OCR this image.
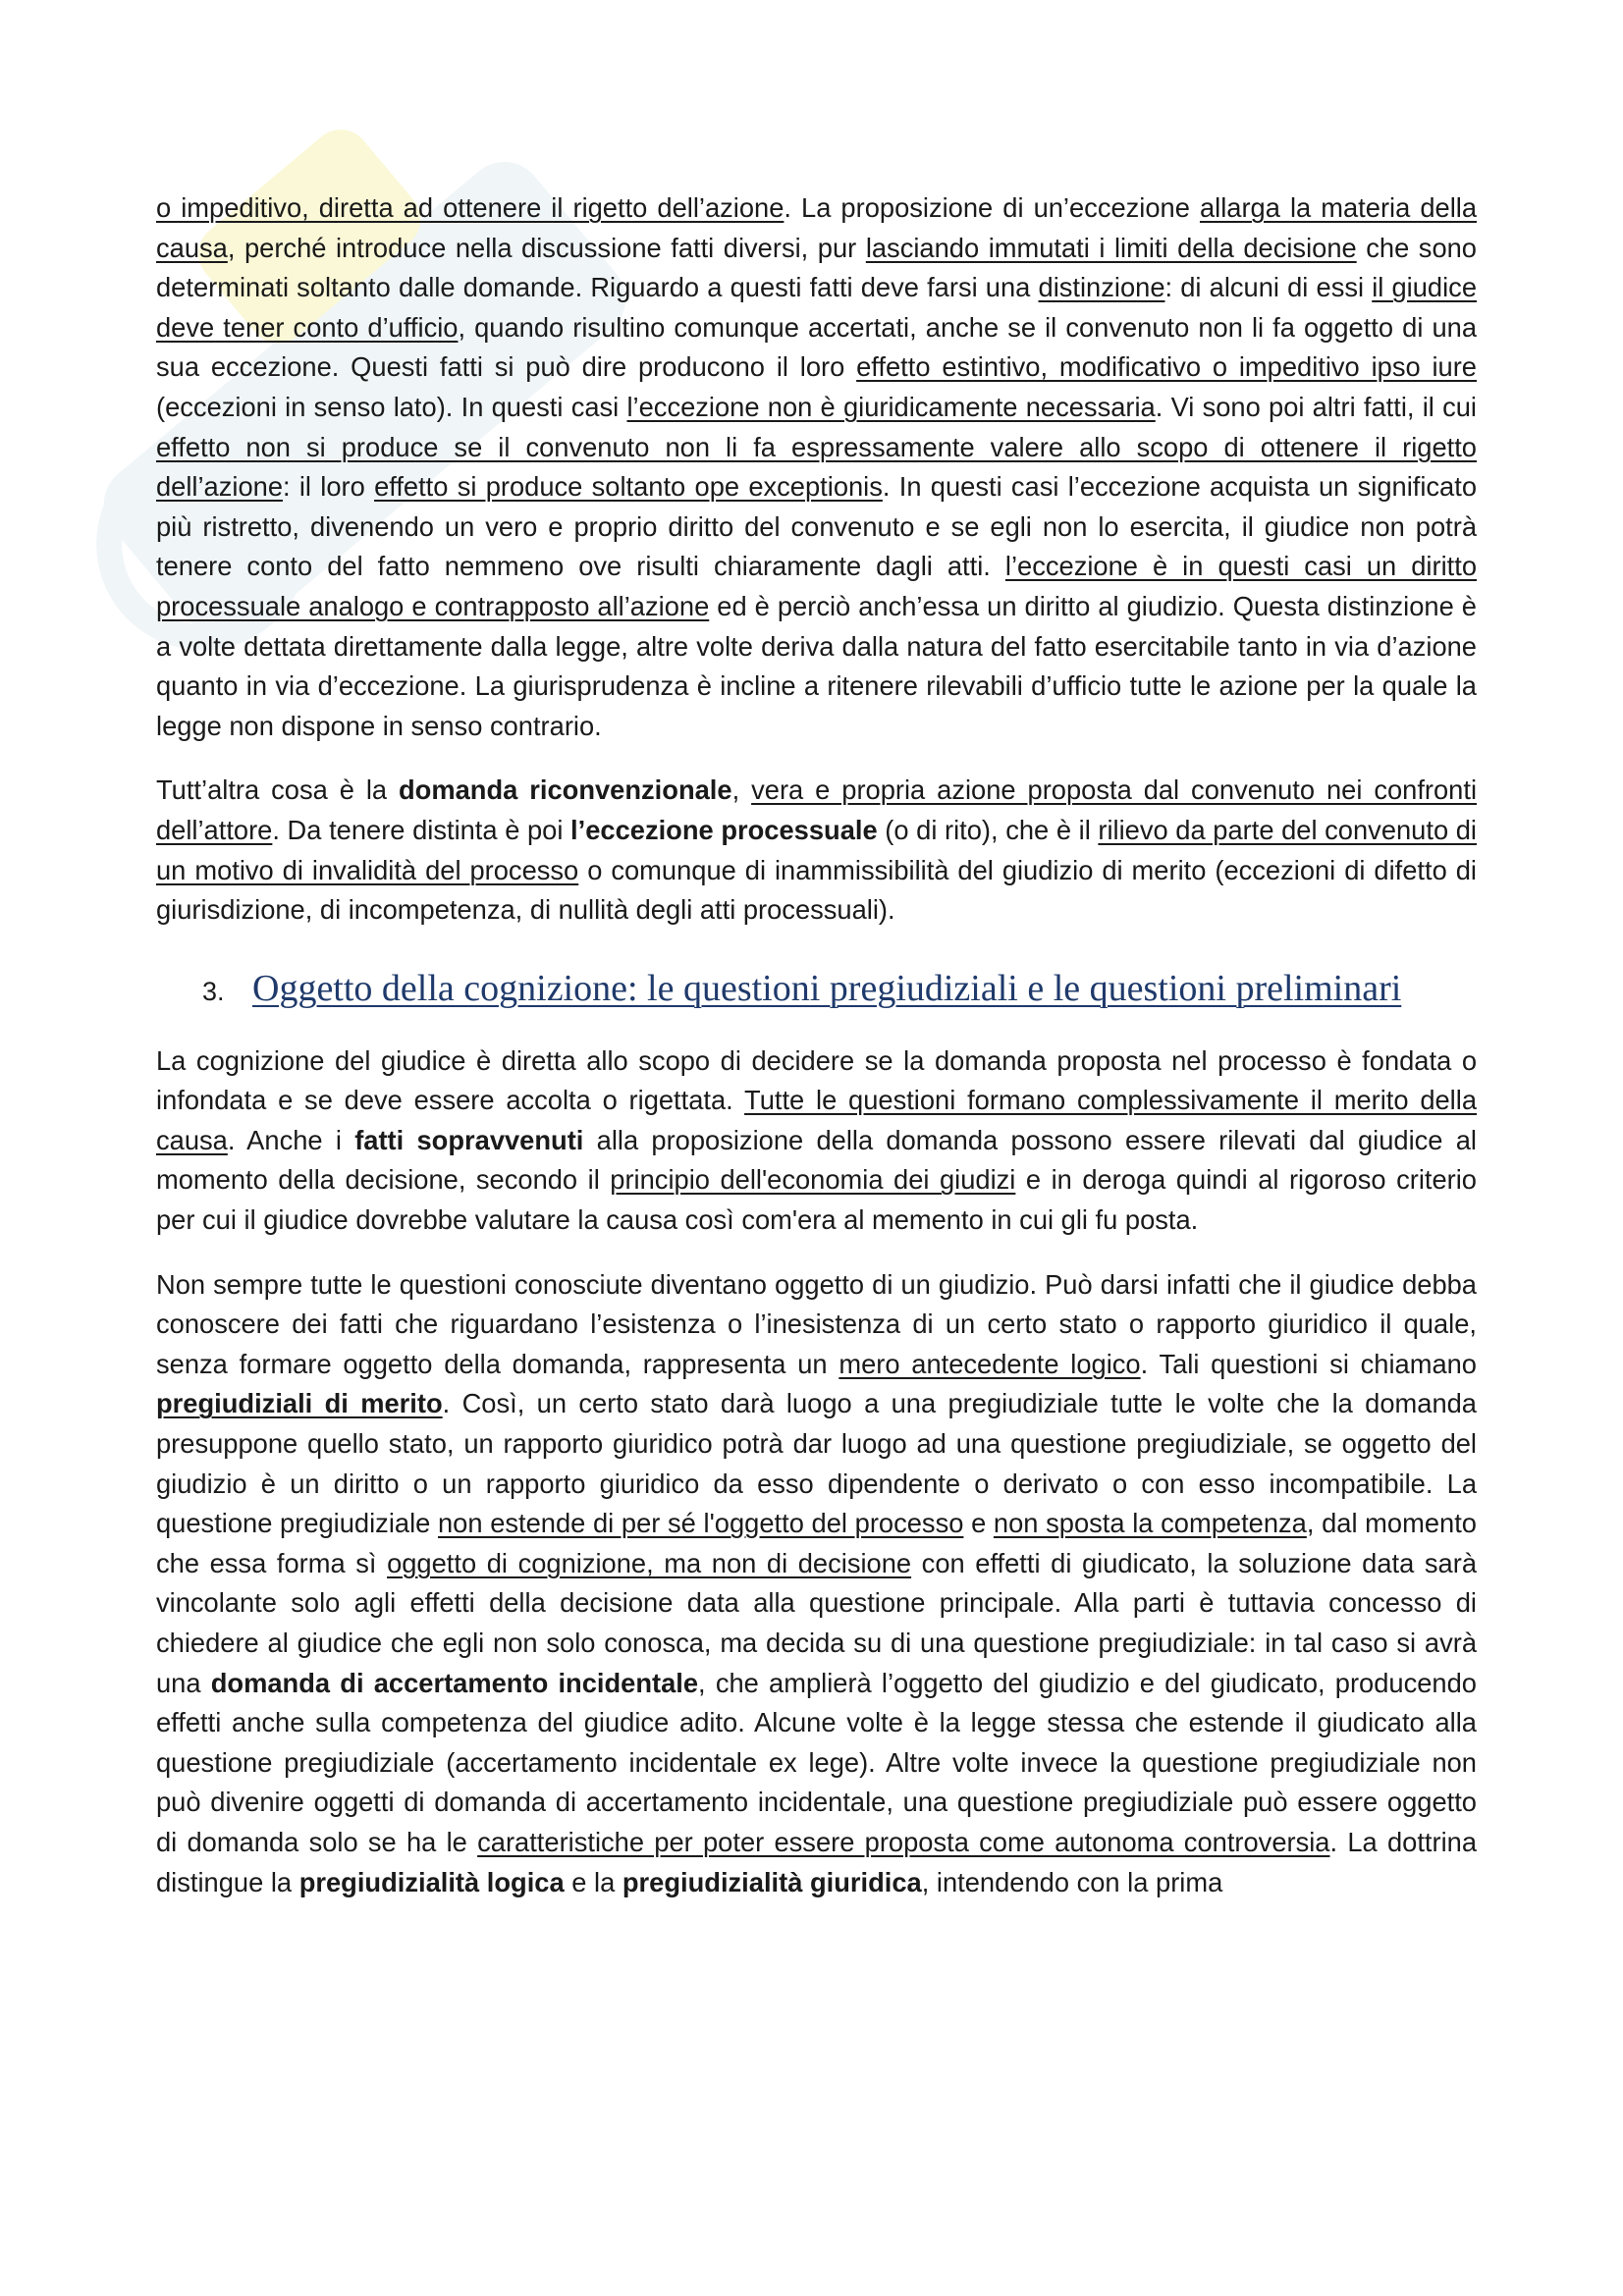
o impeditivo, diretta ad ottenere il rigetto dell’azione. La proposizione di un’eccezione allarga la materia della causa, perché introduce nella discussione fatti diversi, pur lasciando immutati i limiti della decisione che sono determinati soltanto dalle domande. Riguardo a questi fatti deve farsi una distinzione: di alcuni di essi il giudice deve tener conto d’ufficio, quando risultino comunque accertati, anche se il convenuto non li fa oggetto di una sua eccezione. Questi fatti si può dire producono il loro effetto estintivo, modificativo o impeditivo ipso iure (eccezioni in senso lato). In questi casi l’eccezione non è giuridicamente necessaria. Vi sono poi altri fatti, il cui effetto non si produce se il convenuto non li fa espressamente valere allo scopo di ottenere il rigetto dell’azione: il loro effetto si produce soltanto ope exceptionis. In questi casi l’eccezione acquista un significato più ristretto, divenendo un vero e proprio diritto del convenuto e se egli non lo esercita, il giudice non potrà tenere conto del fatto nemmeno ove risulti chiaramente dagli atti. l’eccezione è in questi casi un diritto processuale analogo e contrapposto all’azione ed è perciò anch’essa un diritto al giudizio. Questa distinzione è a volte dettata direttamente dalla legge, altre volte deriva dalla natura del fatto esercitabile tanto in via d’azione quanto in via d’eccezione. La giurisprudenza è incline a ritenere rilevabili d’ufficio tutte le azione per la quale la legge non dispone in senso contrario.

Tutt’altra cosa è la domanda riconvenzionale, vera e propria azione proposta dal convenuto nei confronti dell’attore. Da tenere distinta è poi l’eccezione processuale (o di rito), che è il rilievo da parte del convenuto di un motivo di invalidità del processo o comunque di inammissibilità del giudizio di merito (eccezioni di difetto di giurisdizione, di incompetenza, di nullità degli atti processuali).

3. Oggetto della cognizione: le questioni pregiudiziali e le questioni preliminari

La cognizione del giudice è diretta allo scopo di decidere se la domanda proposta nel processo è fondata o infondata e se deve essere accolta o rigettata. Tutte le questioni formano complessivamente il merito della causa. Anche i fatti sopravvenuti alla proposizione della domanda possono essere rilevati dal giudice al momento della decisione, secondo il principio dell'economia dei giudizi e in deroga quindi al rigoroso criterio per cui il giudice dovrebbe valutare la causa così com'era al memento in cui gli fu posta.

Non sempre tutte le questioni conosciute diventano oggetto di un giudizio. Può darsi infatti che il giudice debba conoscere dei fatti che riguardano l’esistenza o l’inesistenza di un certo stato o rapporto giuridico il quale, senza formare oggetto della domanda, rappresenta un mero antecedente logico. Tali questioni si chiamano pregiudiziali di merito. Così, un certo stato darà luogo a una pregiudiziale tutte le volte che la domanda presuppone quello stato, un rapporto giuridico potrà dar luogo ad una questione pregiudiziale, se oggetto del giudizio è un diritto o un rapporto giuridico da esso dipendente o derivato o con esso incompatibile. La questione pregiudiziale non estende di per sé l'oggetto del processo e non sposta la competenza, dal momento che essa forma sì oggetto di cognizione, ma non di decisione con effetti di giudicato, la soluzione data sarà vincolante solo agli effetti della decisione data alla questione principale. Alla parti è tuttavia concesso di chiedere al giudice che egli non solo conosca, ma decida su di una questione pregiudiziale: in tal caso si avrà una domanda di accertamento incidentale, che amplierà l’oggetto del giudizio e del giudicato, producendo effetti anche sulla competenza del giudice adito. Alcune volte è la legge stessa che estende il giudicato alla questione pregiudiziale (accertamento incidentale ex lege). Altre volte invece la questione pregiudiziale non può divenire oggetti di domanda di accertamento incidentale, una questione pregiudiziale può essere oggetto di domanda solo se ha le caratteristiche per poter essere proposta come autonoma controversia. La dottrina distingue la pregiudizialità logica e la pregiudizialità giuridica, intendendo con la prima
